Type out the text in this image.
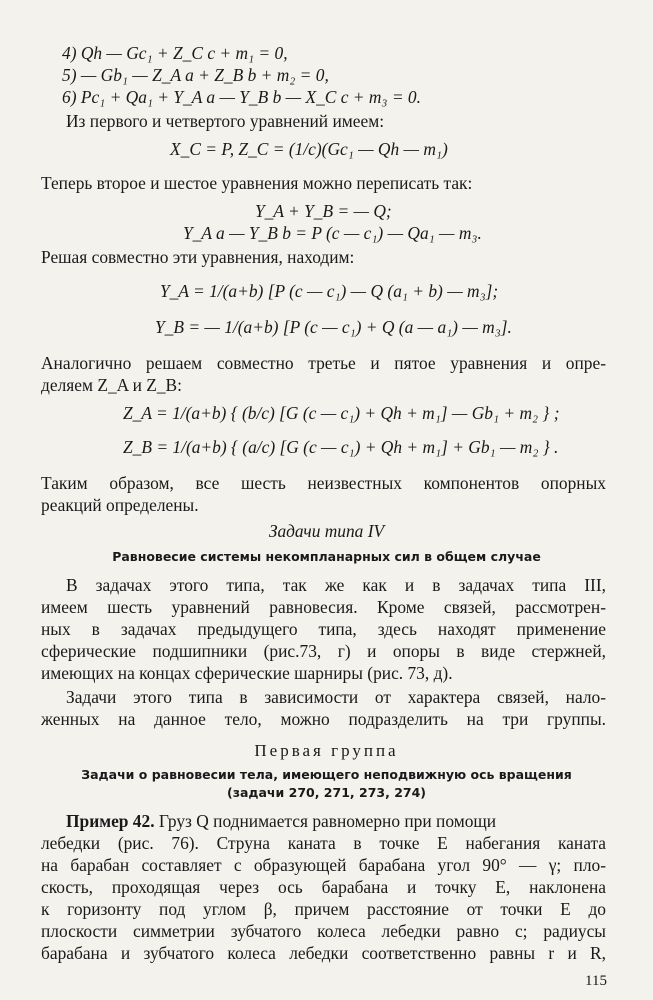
4) Qh — Gc₁ + Z_C c + m₁ = 0,
5) — Gb₁ — Z_A a + Z_B b + m₂ = 0,
6) Pc₁ + Qa₁ + Y_A a — Y_B b — X_C c + m₃ = 0.
Из первого и четвертого уравнений имеем:
X_C = P, Z_C = (1/c)(Gc₁ — Qh — m₁)
Теперь второе и шестое уравнения можно переписать так:
Y_A + Y_B = — Q;
Y_A a — Y_B b = P (c — c₁) — Qa₁ — m₃.
Решая совместно эти уравнения, находим:
Y_A = 1/(a+b) [P (c — c₁) — Q (a₁ + b) — m₃];
Y_B = — 1/(a+b) [P (c — c₁) + Q (a — a₁) — m₃].
Аналогично решаем совместно третье и пятое уравнения и опре-
деляем Z_A и Z_B:
Z_A = 1/(a+b) { (b/c) [G (c — c₁) + Qh + m₁] — Gb₁ + m₂ } ;
Z_B = 1/(a+b) { (a/c) [G (c — c₁) + Qh + m₁] + Gb₁ — m₂ } .
Таким образом, все шесть неизвестных компонентов опорных
реакций определены.
Задачи типа IV
Равновесие системы некомпланарных сил в общем случае
В задачах этого типа, так же как и в задачах типа III,
имеем шесть уравнений равновесия. Кроме связей, рассмотрен-
ных в задачах предыдущего типа, здесь находят применение
сферические подшипники (рис.73, г) и опоры в виде стержней,
имеющих на концах сферические шарниры (рис. 73, д).
Задачи этого типа в зависимости от характера связей, нало-
женных на данное тело, можно подразделить на три группы.
Первая группа
Задачи о равновесии тела, имеющего неподвижную ось вращения
(задачи 270, 271, 273, 274)
Пример 42. Груз Q поднимается равномерно при помощи
лебедки (рис. 76). Струна каната в точке E набегания каната
на барабан составляет с образующей барабана угол 90° — γ; пло-
скость, проходящая через ось барабана и точку E, наклонена
к горизонту под углом β, причем расстояние от точки E до
плоскости симметрии зубчатого колеса лебедки равно c; радиусы
барабана и зубчатого колеса лебедки соответственно равны r и R,
115
